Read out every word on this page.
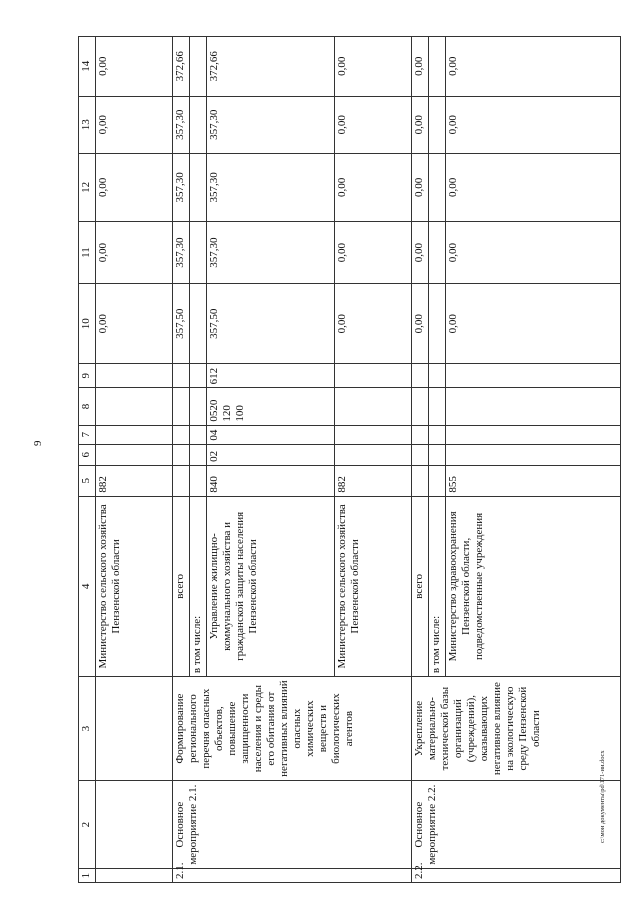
9
c:\мои документы\pd\171-ии.docx
1	2	3	4	5	6	7	8	9	10	11	12	13	14
			Министерство сельского хозяйства Пензенской области	882					0,00	0,00	0,00	0,00	0,00
2.1.	Основное мероприятие 2.1.	Формирование регионального перечня опасных объектов, повышение защищенности населения и среды его обитания от негативных влияний опасных химических веществ и биологических агентов	всего						357,50	357,30	357,30	357,30	372,66
			в том числе:										
			Управление жилищно-коммунального хозяйства и гражданской защиты населения Пензенской области	840	02	04	0520 120 100	612	357,50	357,30	357,30	357,30	372,66
			Министерство сельского хозяйства Пензенской области	882					0,00	0,00	0,00	0,00	0,00
2.2.	Основное мероприятие 2.2.	Укрепление материально-технической базы организаций (учреждений), оказывающих негативное влияние на экологическую среду Пензенской области	всего						0,00	0,00	0,00	0,00	0,00
			в том числе:										
			Министерство здравоохранения Пензенской области, подведомственные учреждения	855					0,00	0,00	0,00	0,00	0,00
